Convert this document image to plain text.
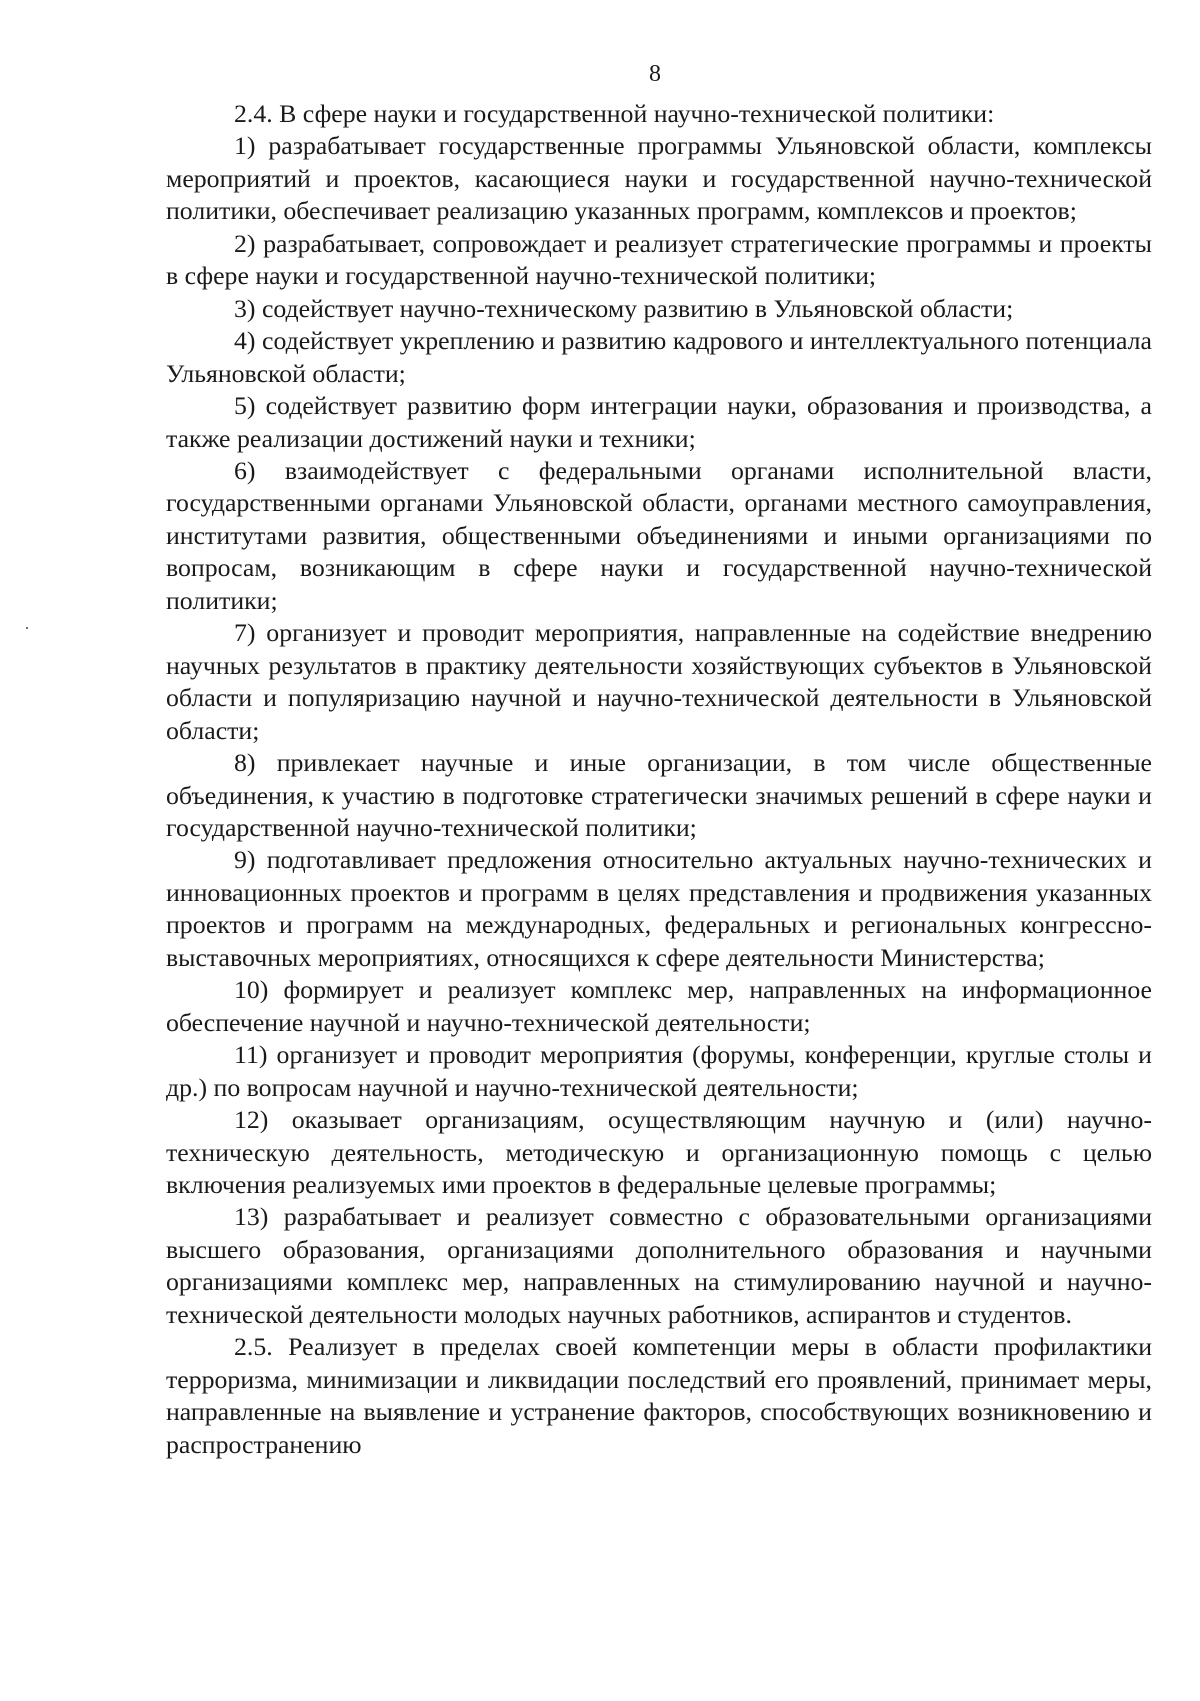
8

2.4. В сфере науки и государственной научно-технической политики:

1) разрабатывает государственные программы Ульяновской области, комплексы мероприятий и проектов, касающиеся науки и государственной научно-технической политики, обеспечивает реализацию указанных программ, комплексов и проектов;

2) разрабатывает, сопровождает и реализует стратегические программы и проекты в сфере науки и государственной научно-технической политики;

3) содействует научно-техническому развитию в Ульяновской области;

4) содействует укреплению и развитию кадрового и интеллектуального потенциала Ульяновской области;

5) содействует развитию форм интеграции науки, образования и производства, а также реализации достижений науки и техники;

6) взаимодействует с федеральными органами исполнительной власти, государственными органами Ульяновской области, органами местного самоуправления, институтами развития, общественными объединениями и иными организациями по вопросам, возникающим в сфере науки и государственной научно-технической политики;

7) организует и проводит мероприятия, направленные на содействие внедрению научных результатов в практику деятельности хозяйствующих субъектов в Ульяновской области и популяризацию научной и научно-технической деятельности в Ульяновской области;

8) привлекает научные и иные организации, в том числе общественные объединения, к участию в подготовке стратегически значимых решений в сфере науки и государственной научно-технической политики;

9) подготавливает предложения относительно актуальных научно-технических и инновационных проектов и программ в целях представления и продвижения указанных проектов и программ на международных, федеральных и региональных конгрессно-выставочных мероприятиях, относящихся к сфере деятельности Министерства;

10) формирует и реализует комплекс мер, направленных на информационное обеспечение научной и научно-технической деятельности;

11) организует и проводит мероприятия (форумы, конференции, круглые столы и др.) по вопросам научной и научно-технической деятельности;

12) оказывает организациям, осуществляющим научную и (или) научно-техническую деятельность, методическую и организационную помощь с целью включения реализуемых ими проектов в федеральные целевые программы;

13) разрабатывает и реализует совместно с образовательными организациями высшего образования, организациями дополнительного образования и научными организациями комплекс мер, направленных на стимулированию научной и научно-технической деятельности молодых научных работников, аспирантов и студентов.

2.5. Реализует в пределах своей компетенции меры в области профилактики терроризма, минимизации и ликвидации последствий его проявлений, принимает меры, направленные на выявление и устранение факторов, способствующих возникновению и распространению
